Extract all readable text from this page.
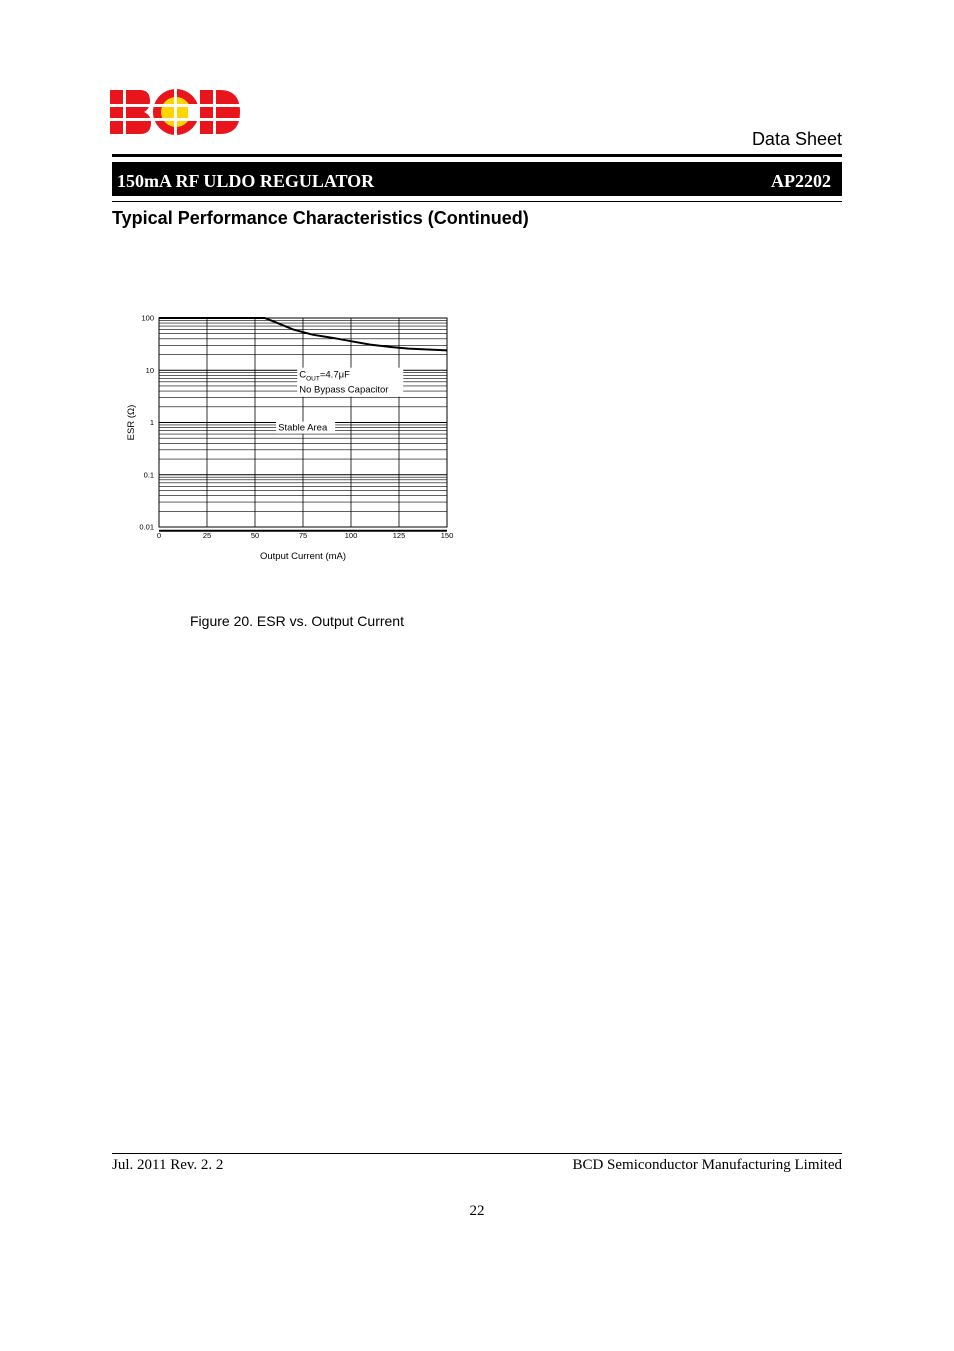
Data Sheet
150mA RF ULDO REGULATOR	AP2202
Typical Performance Characteristics (Continued)
0	25	50	75	100	125	150
0.01
0.1
1
10
100
$C_{OUT}=4.7\mu F$
No Bypass Capacitor
Stable Area
Output Current (mA)
ESR (Ω)
Figure 20. ESR vs. Output Current
Jul. 2011 Rev. 2. 2	BCD Semiconductor Manufacturing Limited
22
